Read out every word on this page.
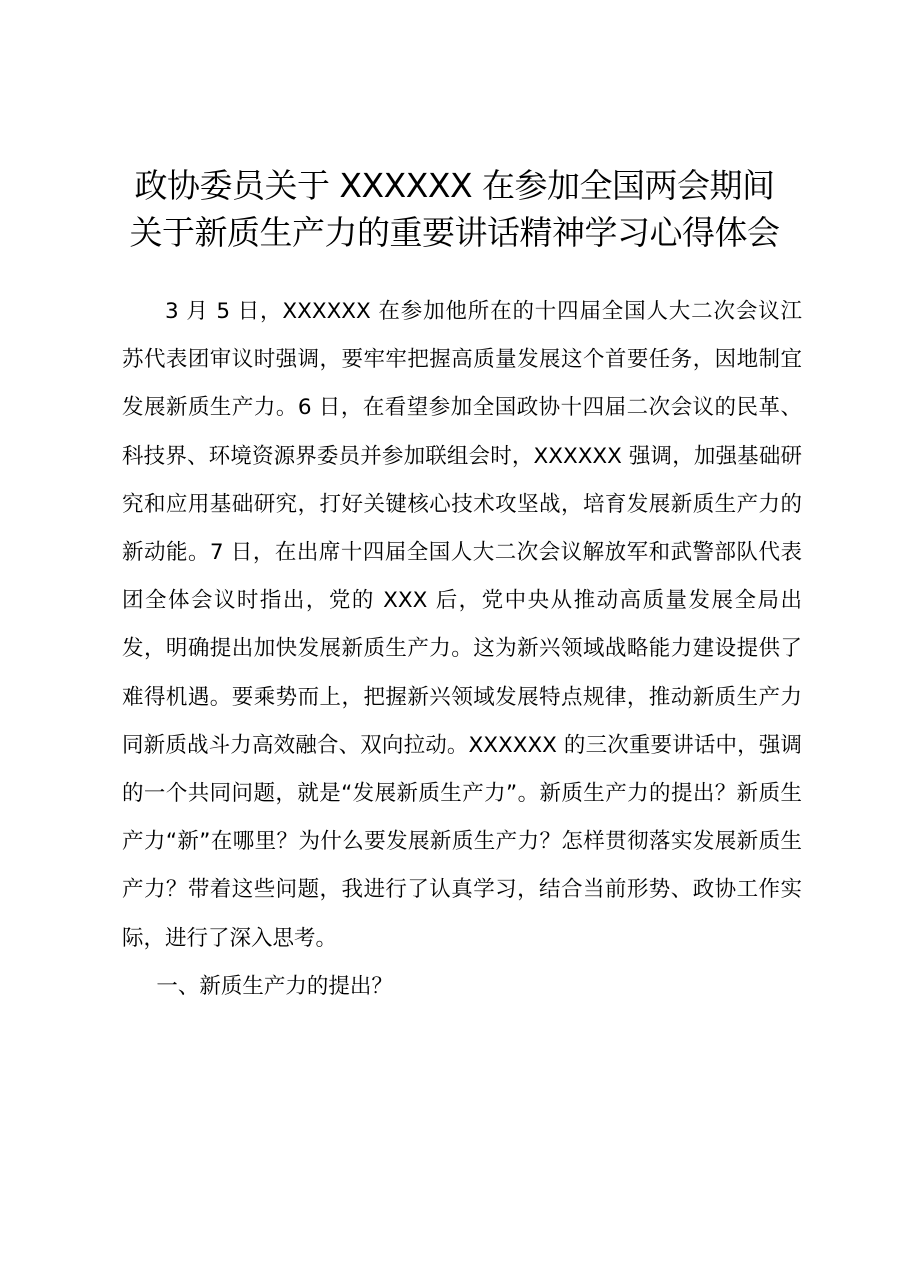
政协委员关于 XXXXXX 在参加全国两会期间
关于新质生产力的重要讲话精神学习心得体会

3 月 5 日，XXXXXX 在参加他所在的十四届全国人大二次会议江苏代表团审议时强调，要牢牢把握高质量发展这个首要任务，因地制宜发展新质生产力。6 日，在看望参加全国政协十四届二次会议的民革、科技界、环境资源界委员并参加联组会时，XXXXXX 强调，加强基础研究和应用基础研究，打好关键核心技术攻坚战，培育发展新质生产力的新动能。7 日，在出席十四届全国人大二次会议解放军和武警部队代表团全体会议时指出，党的 XXX 后，党中央从推动高质量发展全局出发，明确提出加快发展新质生产力。这为新兴领域战略能力建设提供了难得机遇。要乘势而上，把握新兴领域发展特点规律，推动新质生产力同新质战斗力高效融合、双向拉动。XXXXXX 的三次重要讲话中，强调的一个共同问题，就是“发展新质生产力”。新质生产力的提出？新质生产力“新”在哪里？为什么要发展新质生产力？怎样贯彻落实发展新质生产力？带着这些问题，我进行了认真学习，结合当前形势、政协工作实际，进行了深入思考。

一、新质生产力的提出？
